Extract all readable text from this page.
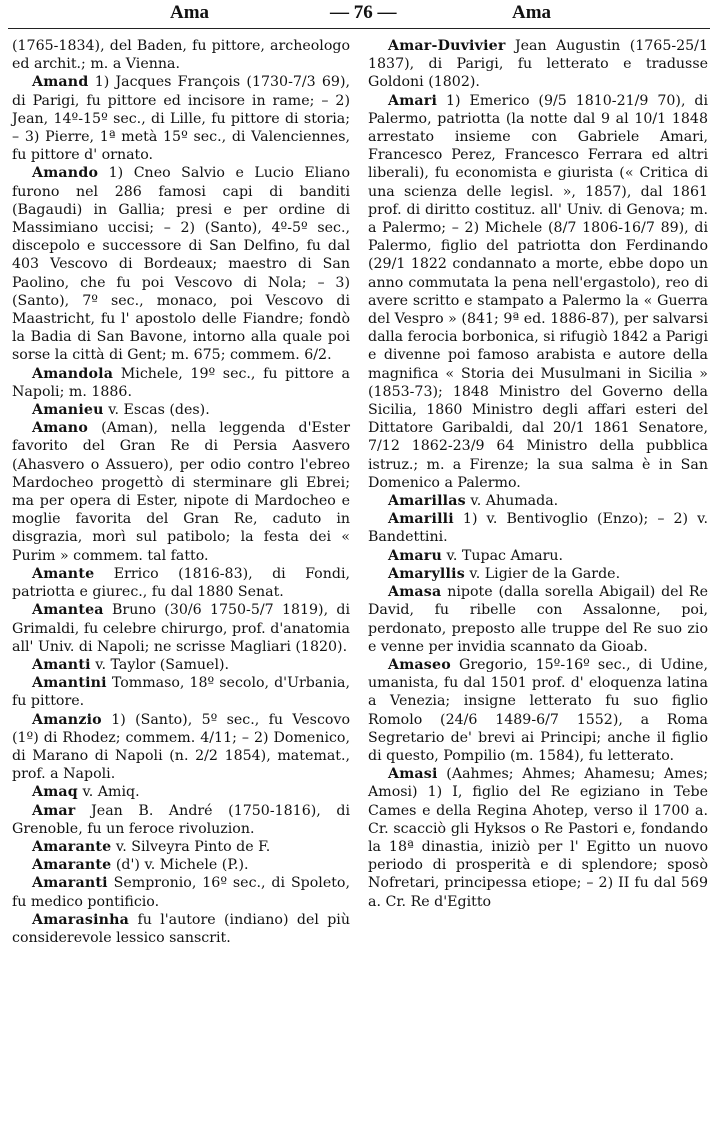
Ama	— 76 —	Ama

(1765-1834), del Baden, fu pittore, archeologo ed archit.; m. a Vienna.

Amand 1) Jacques François (1730-7/3 69), di Parigi, fu pittore ed incisore in rame; – 2) Jean, 14º-15º sec., di Lille, fu pittore di storia; – 3) Pierre, 1ª metà 15º sec., di Valenciennes, fu pittore d' ornato.

Amando 1) Cneo Salvio e Lucio Eliano furono nel 286 famosi capi di banditi (Bagaudi) in Gallia; presi e per ordine di Massimiano uccisi; – 2) (Santo), 4º-5º sec., discepolo e successore di San Delfino, fu dal 403 Vescovo di Bordeaux; maestro di San Paolino, che fu poi Vescovo di Nola; – 3) (Santo), 7º sec., monaco, poi Vescovo di Maastricht, fu l' apostolo delle Fiandre; fondò la Badia di San Bavone, intorno alla quale poi sorse la città di Gent; m. 675; commem. 6/2.

Amandola Michele, 19º sec., fu pittore a Napoli; m. 1886.

Amanieu v. Escas (des).

Amano (Aman), nella leggenda d'Ester favorito del Gran Re di Persia Aasvero (Ahasvero o Assuero), per odio contro l'ebreo Mardocheo progettò di sterminare gli Ebrei; ma per opera di Ester, nipote di Mardocheo e moglie favorita del Gran Re, caduto in disgrazia, morì sul patibolo; la festa dei « Purim » commem. tal fatto.

Amante Errico (1816-83), di Fondi, patriotta e giurec., fu dal 1880 Senat.

Amantea Bruno (30/6 1750-5/7 1819), di Grimaldi, fu celebre chirurgo, prof. d'anatomia all' Univ. di Napoli; ne scrisse Magliari (1820).

Amanti v. Taylor (Samuel).

Amantini Tommaso, 18º secolo, d'Urbania, fu pittore.

Amanzio 1) (Santo), 5º sec., fu Vescovo (1º) di Rhodez; commem. 4/11; – 2) Domenico, di Marano di Napoli (n. 2/2 1854), matemat., prof. a Napoli.

Amaq v. Amiq.

Amar Jean B. André (1750-1816), di Grenoble, fu un feroce rivoluzion.

Amarante v. Silveyra Pinto de F.

Amarante (d') v. Michele (P.).

Amaranti Sempronio, 16º sec., di Spoleto, fu medico pontificio.

Amarasinha fu l'autore (indiano) del più considerevole lessico sanscrit.

Amar-Duvivier Jean Augustin (1765-25/1 1837), di Parigi, fu letterato e tradusse Goldoni (1802).

Amari 1) Emerico (9/5 1810-21/9 70), di Palermo, patriotta (la notte dal 9 al 10/1 1848 arrestato insieme con Gabriele Amari, Francesco Perez, Francesco Ferrara ed altri liberali), fu economista e giurista (« Critica di una scienza delle legisl. », 1857), dal 1861 prof. di diritto costituz. all' Univ. di Genova; m. a Palermo; – 2) Michele (8/7 1806-16/7 89), di Palermo, figlio del patriotta don Ferdinando (29/1 1822 condannato a morte, ebbe dopo un anno commutata la pena nell'ergastolo), reo di avere scritto e stampato a Palermo la « Guerra del Vespro » (841; 9ª ed. 1886-87), per salvarsi dalla ferocia borbonica, si rifugiò 1842 a Parigi e divenne poi famoso arabista e autore della magnifica « Storia dei Musulmani in Sicilia » (1853-73); 1848 Ministro del Governo della Sicilia, 1860 Ministro degli affari esteri del Dittatore Garibaldi, dal 20/1 1861 Senatore, 7/12 1862-23/9 64 Ministro della pubblica istruz.; m. a Firenze; la sua salma è in San Domenico a Palermo.

Amarillas v. Ahumada.

Amarilli 1) v. Bentivoglio (Enzo); – 2) v. Bandettini.

Amaru v. Tupac Amaru.

Amaryllis v. Ligier de la Garde.

Amasa nipote (dalla sorella Abigail) del Re David, fu ribelle con Assalonne, poi, perdonato, preposto alle truppe del Re suo zio e venne per invidia scannato da Gioab.

Amaseo Gregorio, 15º-16º sec., di Udine, umanista, fu dal 1501 prof. d' eloquenza latina a Venezia; insigne letterato fu suo figlio Romolo (24/6 1489-6/7 1552), a Roma Segretario de' brevi ai Principi; anche il figlio di questo, Pompilio (m. 1584), fu letterato.

Amasi (Aahmes; Ahmes; Ahamesu; Ames; Amosi) 1) I, figlio del Re egiziano in Tebe Cames e della Regina Ahotep, verso il 1700 a. Cr. scacciò gli Hyksos o Re Pastori e, fondando la 18ª dinastia, iniziò per l' Egitto un nuovo periodo di prosperità e di splendore; sposò Nofretari, principessa etiope; – 2) II fu dal 569 a. Cr. Re d'Egitto
